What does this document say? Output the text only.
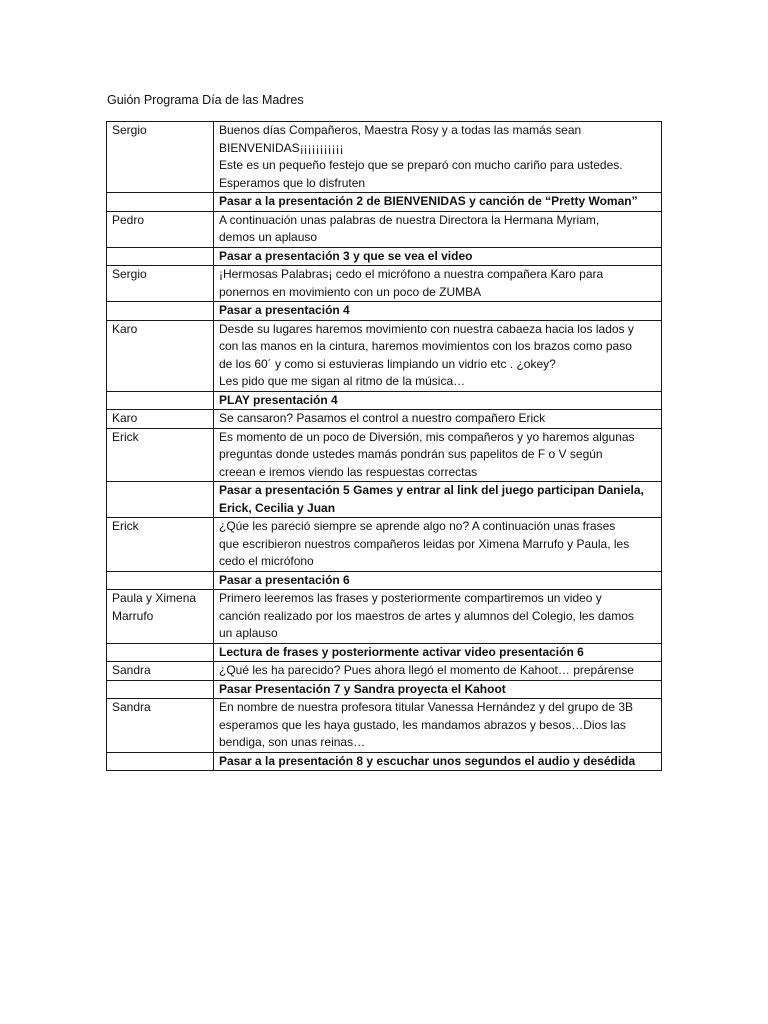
Guión Programa Día de las Madres
Sergio	Buenos días Compañeros, Maestra Rosy y a todas las mamás sean
BIENVENIDAS¡¡¡¡¡¡¡¡¡¡¡
Este es un pequeño festejo que se preparó con mucho cariño para ustedes.
Esperamos que lo disfruten

	Pasar a la presentación 2 de BIENVENIDAS y canción de “Pretty Woman”

Pedro	A continuación unas palabras de nuestra Directora la Hermana Myriam,
demos un aplauso

	Pasar a presentación 3 y que se vea el video

Sergio	¡Hermosas Palabras¡ cedo el micrófono a nuestra compañera Karo para
ponernos en movimiento con un poco de ZUMBA

	Pasar a presentación 4

Karo	Desde su lugares haremos movimiento con nuestra cabaeza hacia los lados y
con las manos en la cintura, haremos movimientos con los brazos como paso
de los 60´ y como si estuvieras limpiando un vidrio etc . ¿okey?
Les pido que me sigan al ritmo de la música…

	PLAY presentación 4

Karo	Se cansaron? Pasamos el control a nuestro compañero Erick

Erick	Es momento de un poco de Diversión, mis compañeros y yo haremos algunas
preguntas donde ustedes mamás pondrán sus papelitos de F o V según
creean e iremos viendo las respuestas correctas

	Pasar a presentación 5 Games y entrar al link del juego participan Daniela,
Erick, Cecilia y Juan

Erick	¿Qúe les pareció siempre se aprende algo no? A continuación unas frases
que escribieron nuestros compañeros leidas por Ximena Marrufo y Paula, les
cedo el micrófono

	Pasar a presentación 6

Paula y Ximena Marrufo	Primero leeremos las frases y posteriormente compartiremos un video y
canción realizado por los maestros de artes y alumnos del Colegio, les damos
un aplauso

	Lectura de frases y posteriormente activar video presentación 6

Sandra	¿Qué les ha parecido? Pues ahora llegó el momento de Kahoot… prepárense

	Pasar Presentación 7 y Sandra proyecta el Kahoot

Sandra	En nombre de nuestra profesora titular Vanessa Hernández y del grupo de 3B
esperamos que les haya gustado, les mandamos abrazos y besos…Dios las
bendiga, son unas reinas…

	Pasar a la presentación 8 y escuchar unos segundos el audio y desédida
